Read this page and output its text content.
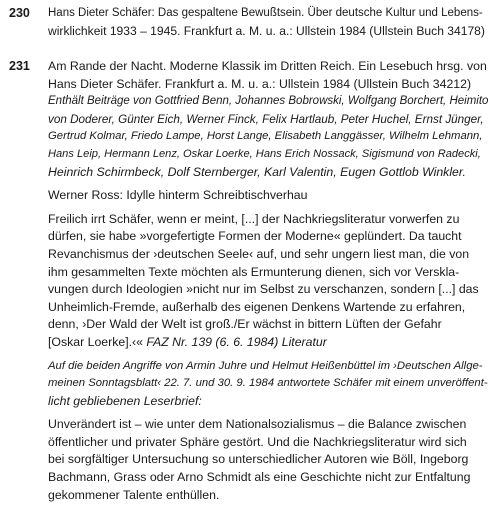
230 Hans Dieter Schäfer: Das gespaltene Bewußtsein. Über deutsche Kultur und Lebens-
wirklichkeit 1933 – 1945. Frankfurt a. M. u. a.: Ullstein 1984 (Ullstein Buch 34178)
231 Am Rande der Nacht. Moderne Klassik im Dritten Reich. Ein Lesebuch hrsg. von
Hans Dieter Schäfer. Frankfurt a. M. u. a.: Ullstein 1984 (Ullstein Buch 34212)
Enthält Beiträge von Gottfried Benn, Johannes Bobrowski, Wolfgang Borchert, Heimito
von Doderer, Günter Eich, Werner Finck, Felix Hartlaub, Peter Huchel, Ernst Jünger,
Gertrud Kolmar, Friedo Lampe, Horst Lange, Elisabeth Langgässer, Wilhelm Lehmann,
Hans Leip, Hermann Lenz, Oskar Loerke, Hans Erich Nossack, Sigismund von Radecki,
Heinrich Schirmbeck, Dolf Sternberger, Karl Valentin, Eugen Gottlob Winkler.
Werner Ross: Idylle hinterm Schreibtischverhau
Freilich irrt Schäfer, wenn er meint, [...] der Nachkriegsliteratur vorwerfen zu
dürfen, sie habe »vorgefertigte Formen der Moderne« geplündert. Da taucht
Revanchismus der ›deutschen Seele‹ auf, und sehr ungern liest man, die von
ihm gesammelten Texte möchten als Ermunterung dienen, sich vor Verskla-
vungen durch Ideologien »nicht nur im Selbst zu verschanzen, sondern [...] das
Unheimlich-Fremde, außerhalb des eigenen Denkens Wartende zu erfahren,
denn, ›Der Wald der Welt ist groß./Er wächst in bittern Lüften der Gefahr
[Oskar Loerke].‹« FAZ Nr. 139 (6. 6. 1984) Literatur
Auf die beiden Angriffe von Armin Juhre und Helmut Heißenbüttel im ›Deutschen Allge-
meinen Sonntagsblatt‹ 22. 7. und 30. 9. 1984 antwortete Schäfer mit einem unveröffent-
licht gebliebenen Leserbrief:
Unverändert ist – wie unter dem Nationalsozialismus – die Balance zwischen
öffentlicher und privater Sphäre gestört. Und die Nachkriegsliteratur wird sich
bei sorgfältiger Untersuchung so unterschiedlicher Autoren wie Böll, Ingeborg
Bachmann, Grass oder Arno Schmidt als eine Geschichte nicht zur Entfaltung
gekommener Talente enthüllen.
